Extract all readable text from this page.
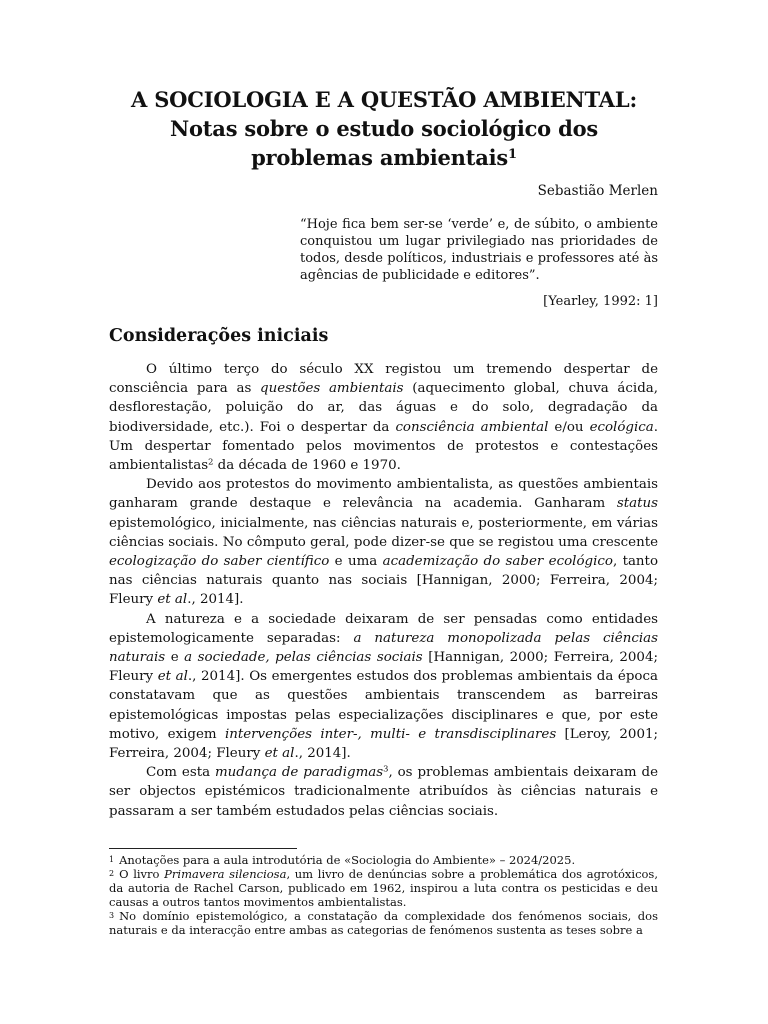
A SOCIOLOGIA E A QUESTÃO AMBIENTAL:
Notas sobre o estudo sociológico dos
problemas ambientais$^1$

Sebastião Merlen

“Hoje fica bem ser-se ‘verde’ e, de súbito, o ambiente conquistou um lugar privilegiado nas prioridades de todos, desde políticos, industriais e professores até às agências de publicidade e editores”.

[Yearley, 1992: 1]

Considerações iniciais

O último terço do século XX registou um tremendo despertar de consciência para as questões ambientais (aquecimento global, chuva ácida, desflorestação, poluição do ar, das águas e do solo, degradação da biodiversidade, etc.). Foi o despertar da consciência ambiental e/ou ecológica. Um despertar fomentado pelos movimentos de protestos e contestações ambientalistas$^2$ da década de 1960 e 1970.

Devido aos protestos do movimento ambientalista, as questões ambientais ganharam grande destaque e relevância na academia. Ganharam status epistemológico, inicialmente, nas ciências naturais e, posteriormente, em várias ciências sociais. No cômputo geral, pode dizer-se que se registou uma crescente ecologização do saber científico e uma academização do saber ecológico, tanto nas ciências naturais quanto nas sociais [Hannigan, 2000; Ferreira, 2004; Fleury et al., 2014].

A natureza e a sociedade deixaram de ser pensadas como entidades epistemologicamente separadas: a natureza monopolizada pelas ciências naturais e a sociedade, pelas ciências sociais [Hannigan, 2000; Ferreira, 2004; Fleury et al., 2014]. Os emergentes estudos dos problemas ambientais da época constatavam que as questões ambientais transcendem as barreiras epistemológicas impostas pelas especializações disciplinares e que, por este motivo, exigem intervenções inter-, multi- e transdisciplinares [Leroy, 2001; Ferreira, 2004; Fleury et al., 2014].

Com esta mudança de paradigmas$^3$, os problemas ambientais deixaram de ser objectos epistémicos tradicionalmente atribuídos às ciências naturais e passaram a ser também estudados pelas ciências sociais.

1 Anotações para a aula introdutória de «Sociologia do Ambiente» – 2024/2025.

2 O livro Primavera silenciosa, um livro de denúncias sobre a problemática dos agrotóxicos, da autoria de Rachel Carson, publicado em 1962, inspirou a luta contra os pesticidas e deu causas a outros tantos movimentos ambientalistas.

3 No domínio epistemológico, a constatação da complexidade dos fenómenos sociais, dos naturais e da interacção entre ambas as categorias de fenómenos sustenta as teses sobre a
